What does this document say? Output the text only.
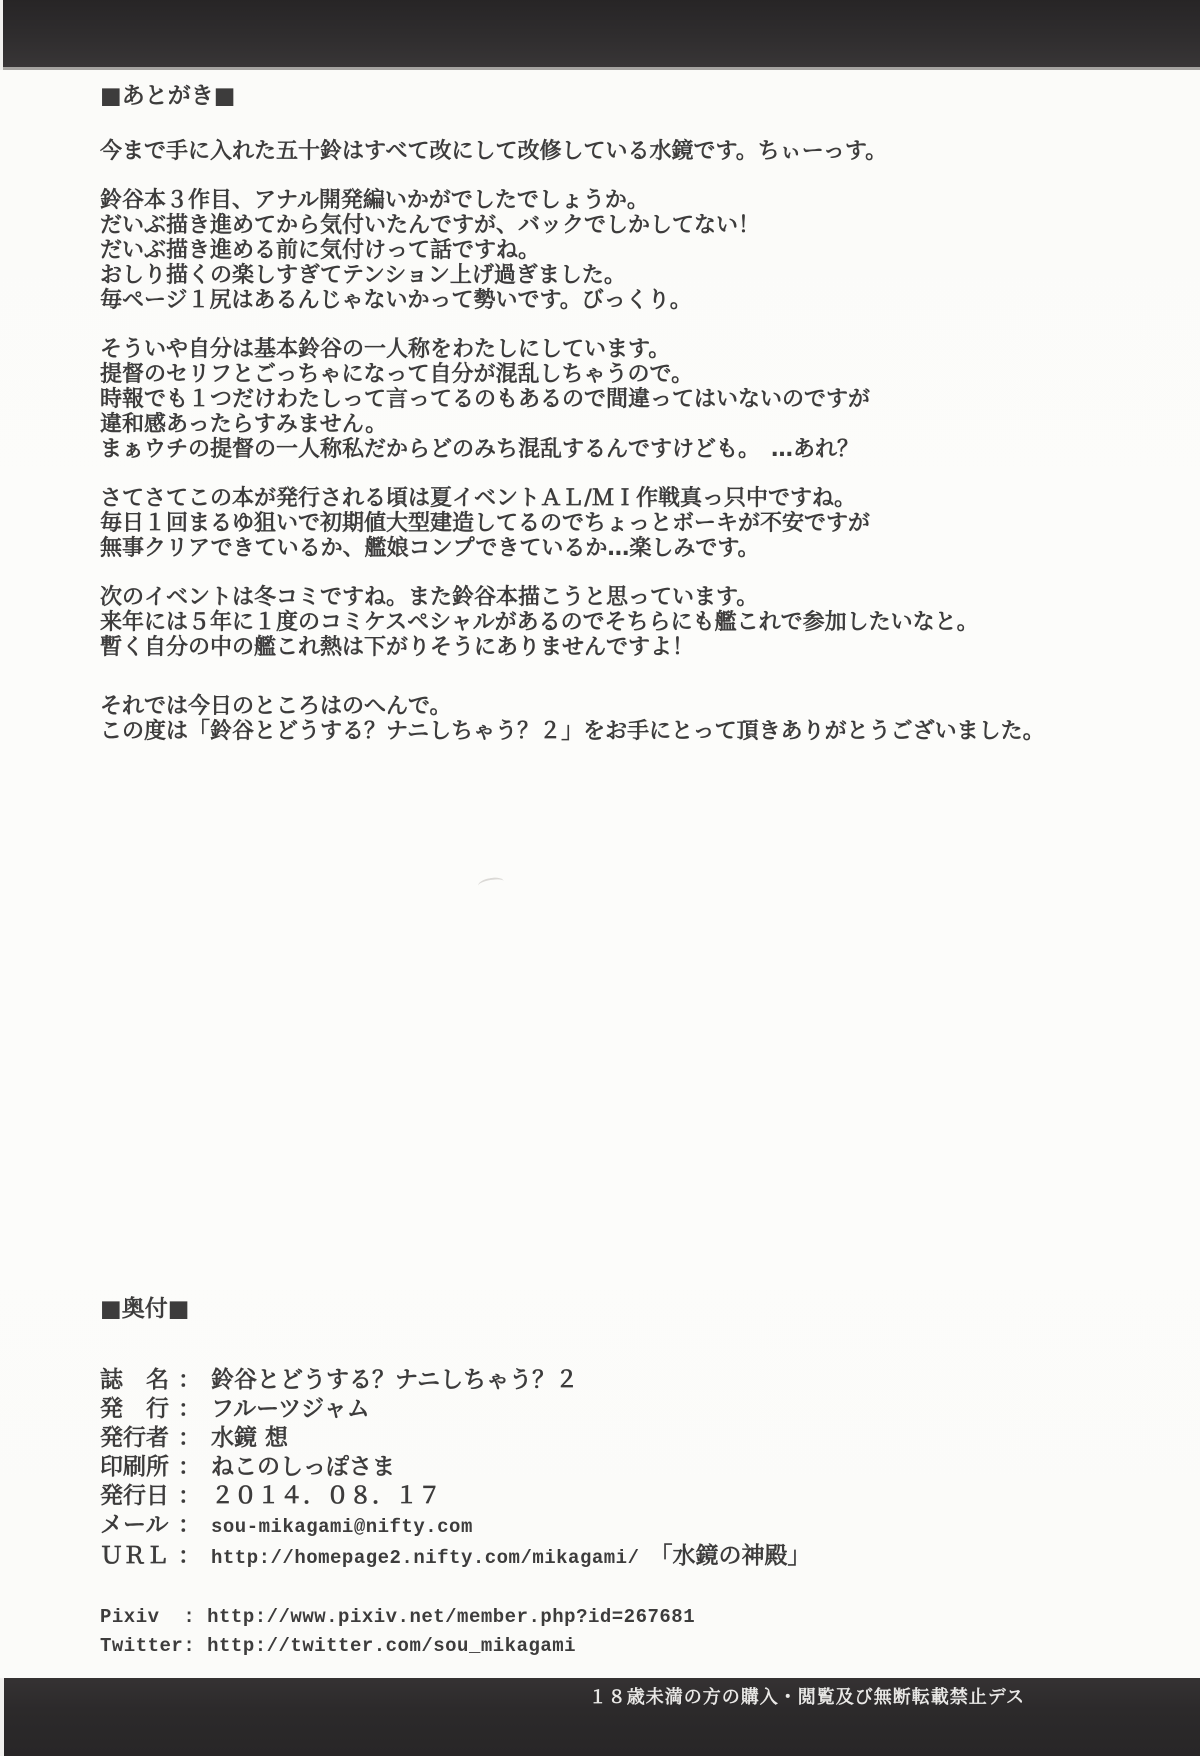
■あとがき■
今まで手に入れた五十鈴はすべて改にして改修している水鏡です。ちぃーっす。
鈴谷本３作目、アナル開発編いかがでしたでしょうか。
だいぶ描き進めてから気付いたんですが、バックでしかしてない！
だいぶ描き進める前に気付けって話ですね。
おしり描くの楽しすぎてテンション上げ過ぎました。
毎ページ１尻はあるんじゃないかって勢いです。びっくり。
そういや自分は基本鈴谷の一人称をわたしにしています。
提督のセリフとごっちゃになって自分が混乱しちゃうので。
時報でも１つだけわたしって言ってるのもあるので間違ってはいないのですが
違和感あったらすみません。
まぁウチの提督の一人称私だからどのみち混乱するんですけども。　…あれ？
さてさてこの本が発行される頃は夏イベントＡＬ/ＭＩ作戦真っ只中ですね。
毎日１回まるゆ狙いで初期値大型建造してるのでちょっとボーキが不安ですが
無事クリアできているか、艦娘コンプできているか…楽しみです。
次のイベントは冬コミですね。また鈴谷本描こうと思っています。
来年には５年に１度のコミケスペシャルがあるのでそちらにも艦これで参加したいなと。
暫く自分の中の艦これ熱は下がりそうにありませんですよ！
それでは今日のところはのへんで。
この度は「鈴谷とどうする？ナニしちゃう？２」をお手にとって頂きありがとうございました。
■奥付■
誌　名 ： 鈴谷とどうする？ナニしちゃう？２
発　行 ： フルーツジャム
発行者 ： 水鏡 想
印刷所 ： ねこのしっぽさま
発行日 ： ２０１４．０８．１７
メール ： sou-mikagami@nifty.com
ＵＲＬ ： http://homepage2.nifty.com/mikagami/ 「水鏡の神殿」
Pixiv  : http://www.pixiv.net/member.php?id=267681
Twitter: http://twitter.com/sou_mikagami
１８歳未満の方の購入・閲覧及び無断転載禁止デス
